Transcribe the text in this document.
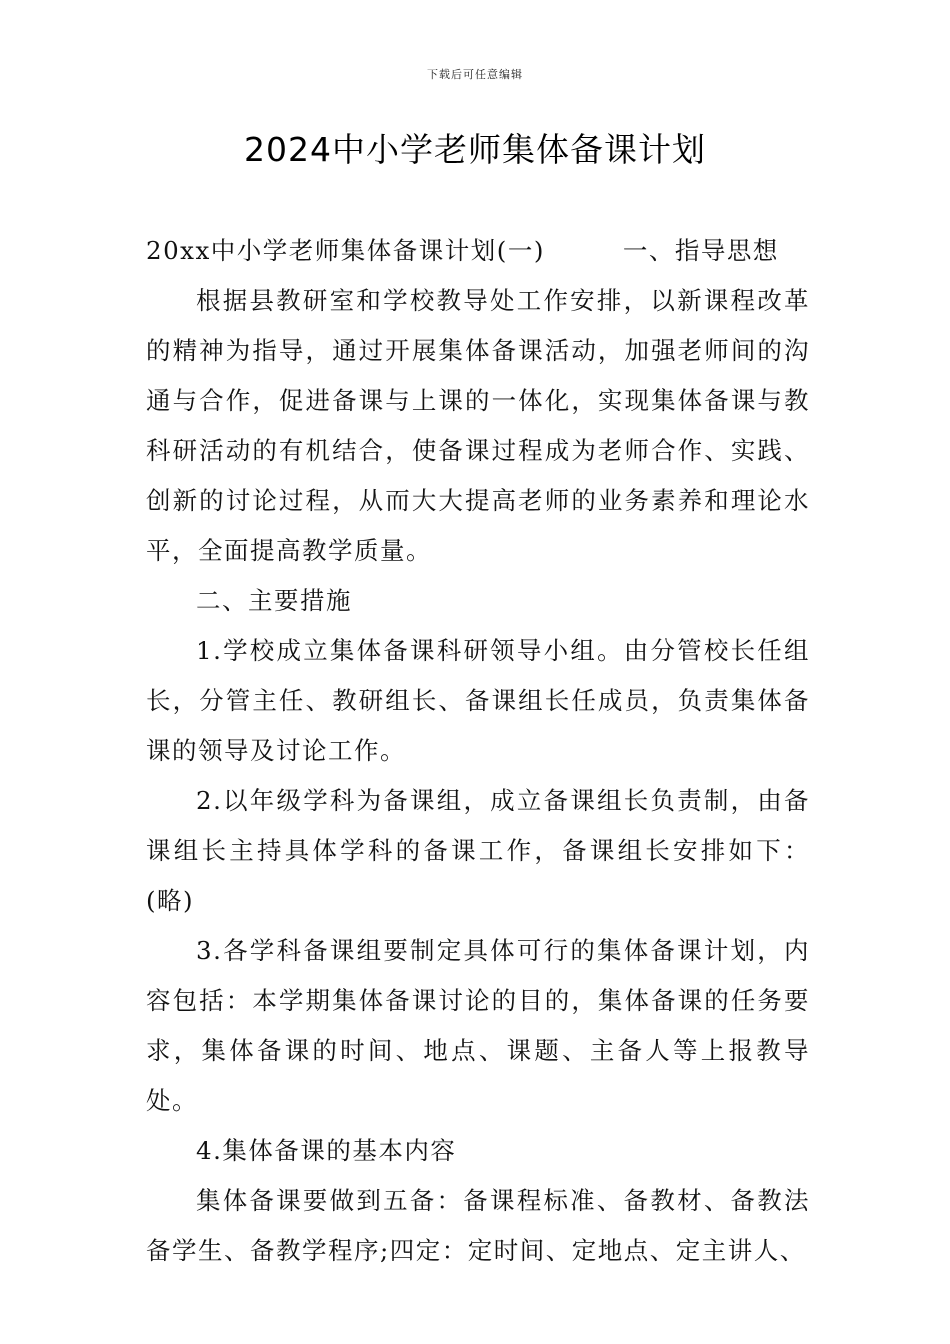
下载后可任意编辑
2024中小学老师集体备课计划

20xx中小学老师集体备课计划(一)　　　一、指导思想

根据县教研室和学校教导处工作安排，以新课程改革的精神为指导，通过开展集体备课活动，加强老师间的沟通与合作，促进备课与上课的一体化，实现集体备课与教科研活动的有机结合，使备课过程成为老师合作、实践、创新的讨论过程，从而大大提高老师的业务素养和理论水平，全面提高教学质量。

二、主要措施

1.学校成立集体备课科研领导小组。由分管校长任组长，分管主任、教研组长、备课组长任成员，负责集体备课的领导及讨论工作。

2.以年级学科为备课组，成立备课组长负责制，由备课组长主持具体学科的备课工作，备课组长安排如下：(略)

3.各学科备课组要制定具体可行的集体备课计划，内容包括：本学期集体备课讨论的目的，集体备课的任务要求，集体备课的时间、地点、课题、主备人等上报教导处。

4.集体备课的基本内容

集体备课要做到五备：备课程标准、备教材、备教法备学生、备教学程序;四定：定时间、定地点、定主讲人、
